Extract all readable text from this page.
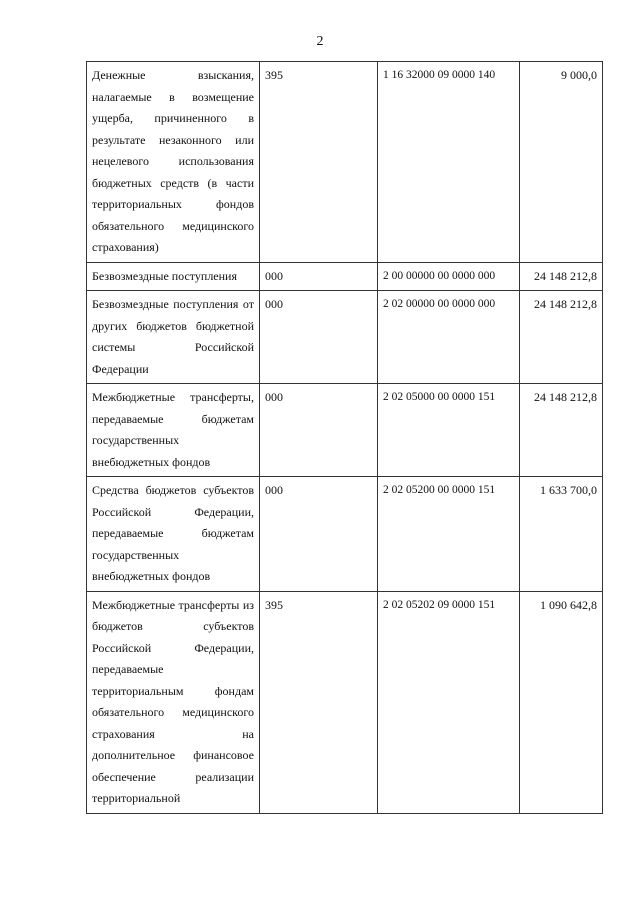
2
Денежные взыскания, налагаемые в возмещение ущерба, причиненного в результате незаконного или нецелевого использования бюджетных средств (в части территориальных фондов обязательного медицинского страхования)	395	1 16 32000 09 0000 140	9 000,0
Безвозмездные поступления	000	2 00 00000 00 0000 000	24 148 212,8
Безвозмездные поступления от других бюджетов бюджетной системы Российской Федерации	000	2 02 00000 00 0000 000	24 148 212,8
Межбюджетные трансферты, передаваемые бюджетам государственных внебюджетных фондов	000	2 02 05000 00 0000 151	24 148 212,8
Средства бюджетов субъектов Российской Федерации, передаваемые бюджетам государственных внебюджетных фондов	000	2 02 05200 00 0000 151	1 633 700,0
Межбюджетные трансферты из бюджетов субъектов Российской Федерации, передаваемые территориальным фондам обязательного медицинского страхования на дополнительное финансовое обеспечение реализации территориальной	395	2 02 05202 09 0000 151	1 090 642,8
